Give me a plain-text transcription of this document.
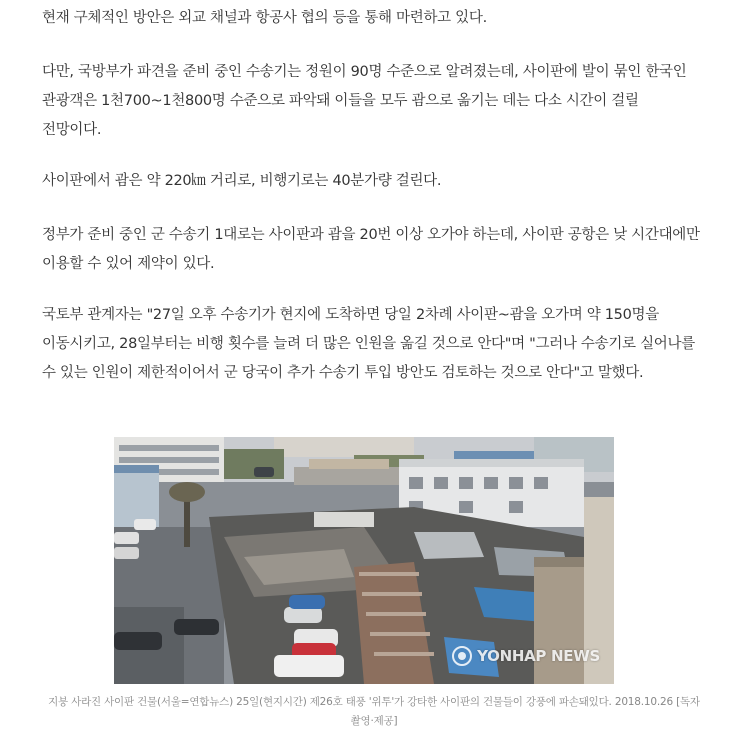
현재 구체적인 방안은 외교 채널과 항공사 협의 등을 통해 마련하고 있다.

다만, 국방부가 파견을 준비 중인 수송기는 정원이 90명 수준으로 알려졌는데, 사이판에 발이 묶인 한국인 관광객은 1천700~1천800명 수준으로 파악돼 이들을 모두 괌으로 옮기는 데는 다소 시간이 걸릴 전망이다.

사이판에서 괌은 약 220㎞ 거리로, 비행기로는 40분가량 걸린다.

정부가 준비 중인 군 수송기 1대로는 사이판과 괌을 20번 이상 오가야 하는데, 사이판 공항은 낮 시간대에만 이용할 수 있어 제약이 있다.

국토부 관계자는 "27일 오후 수송기가 현지에 도착하면 당일 2차례 사이판~괌을 오가며 약 150명을 이동시키고, 28일부터는 비행 횟수를 늘려 더 많은 인원을 옮길 것으로 안다"며 "그러나 수송기로 실어나를 수 있는 인원이 제한적이어서 군 당국이 추가 수송기 투입 방안도 검토하는 것으로 안다"고 말했다.

YONHAP NEWS
지붕 사라진 사이판 건물(서울=연합뉴스) 25일(현지시간) 제26호 태풍 '위투'가 강타한 사이판의 건물들이 강풍에 파손돼있다. 2018.10.26 [독자 촬영·제공]
